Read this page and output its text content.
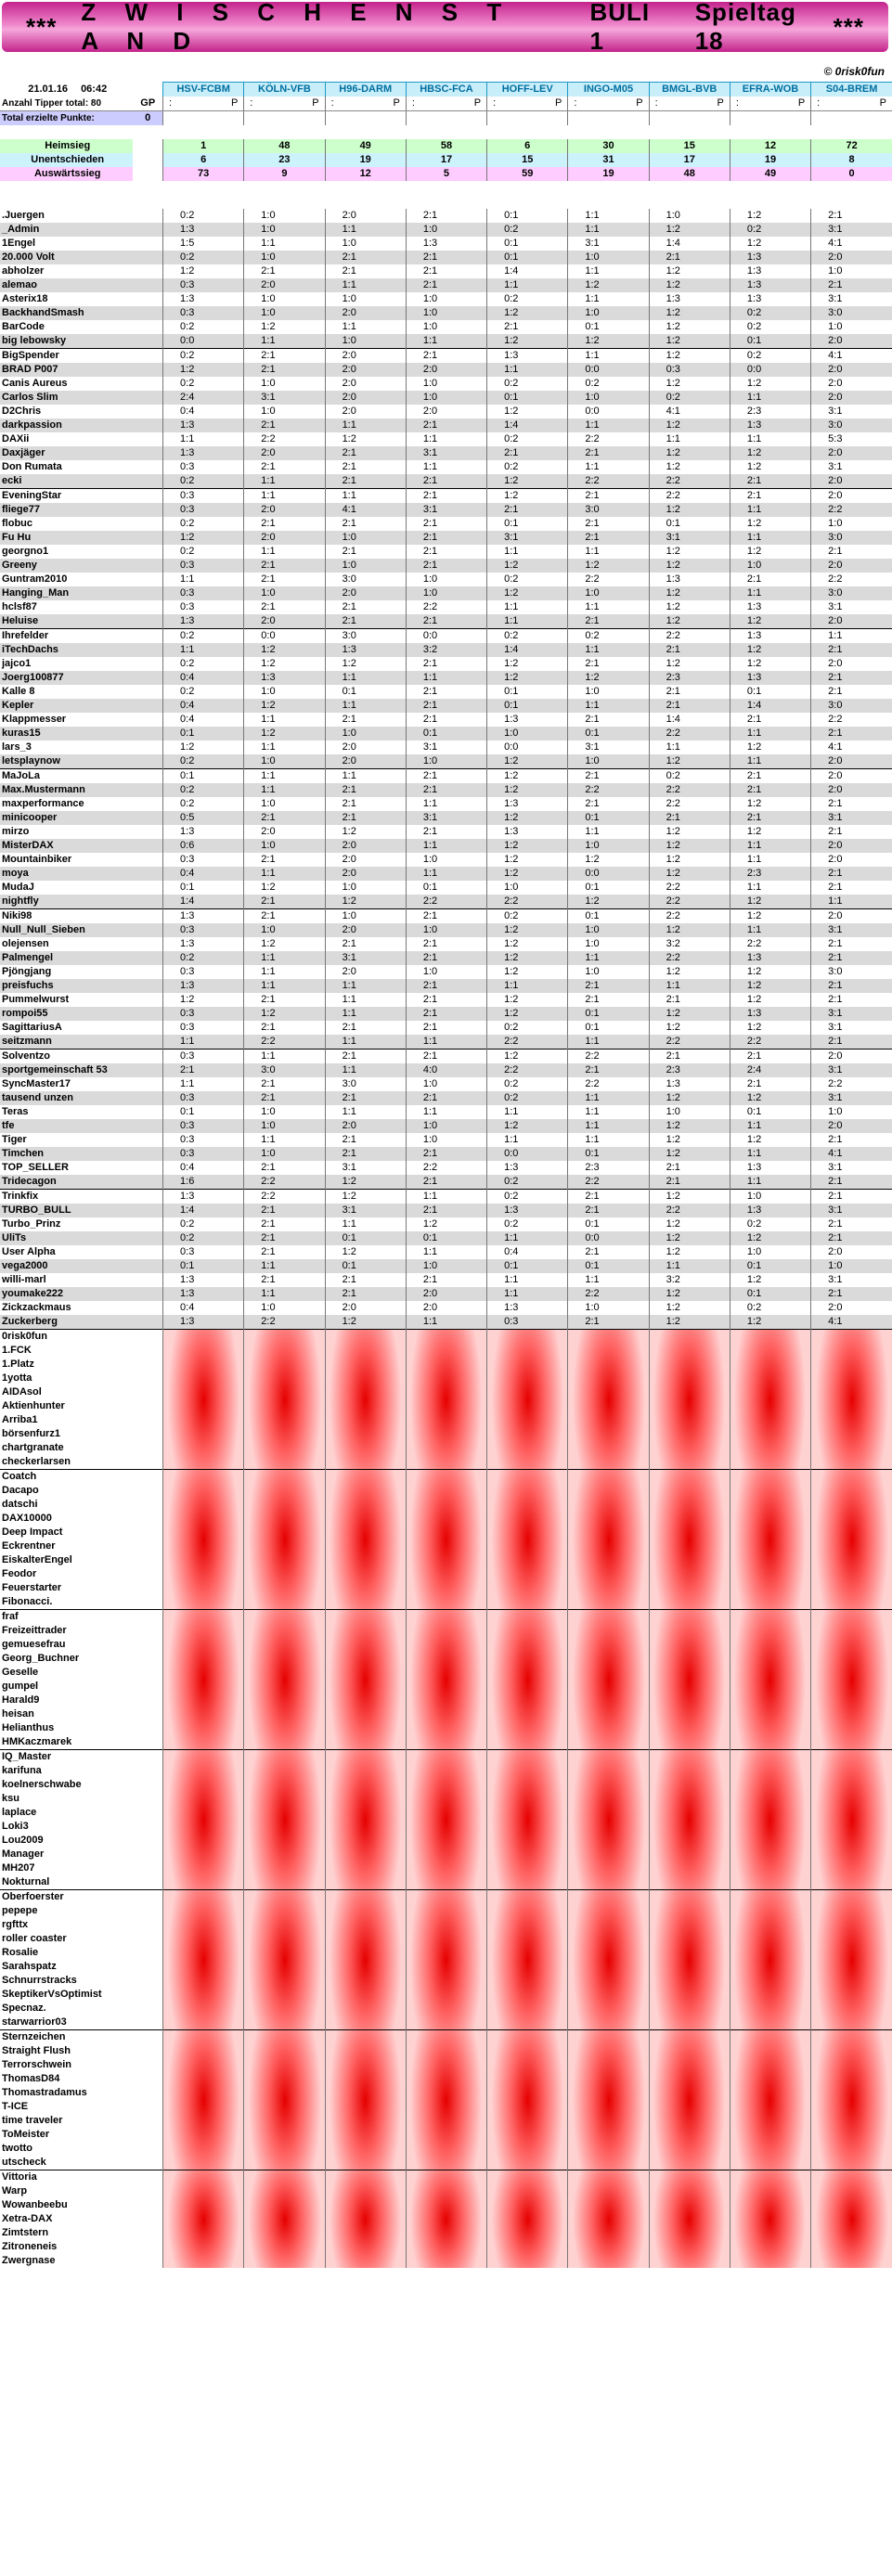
***
Z W I S C H E N S T A N D
BULI 1
Spieltag 18
***
© 0risk0fun
21.01.16 06:42		HSV-FCBM	KÖLN-VFB	H96-DARM	HBSC-FCA	HOFF-LEV	INGO-M05	BMGL-BVB	EFRA-WOB	S04-BREM
Anzahl Tipper total: 80	GP	: P	: P	: P	: P	: P	: P	: P	: P	: P

Total erzielte Punkte:	0									

Heimsieg		1	48	49	58	6	30	15	12	72
Unentschieden		6	23	19	17	15	31	17	19	8
Auswärtssieg		73	9	12	5	59	19	48	49	0

.Juergen		0:2	1:0	2:0	2:1	0:1	1:1	1:0	1:2	2:1
_Admin		1:3	1:0	1:1	1:0	0:2	1:1	1:2	0:2	3:1
1Engel		1:5	1:1	1:0	1:3	0:1	3:1	1:4	1:2	4:1
20.000 Volt		0:2	1:0	2:1	2:1	0:1	1:0	2:1	1:3	2:0
abholzer		1:2	2:1	2:1	2:1	1:4	1:1	1:2	1:3	1:0
alemao		0:3	2:0	1:1	2:1	1:1	1:2	1:2	1:3	2:1
Asterix18		1:3	1:0	1:0	1:0	0:2	1:1	1:3	1:3	3:1
BackhandSmash		0:3	1:0	2:0	1:0	1:2	1:0	1:2	0:2	3:0
BarCode		0:2	1:2	1:1	1:0	2:1	0:1	1:2	0:2	1:0
big lebowsky		0:0	1:1	1:0	1:1	1:2	1:2	1:2	0:1	2:0
BigSpender		0:2	2:1	2:0	2:1	1:3	1:1	1:2	0:2	4:1
BRAD P007		1:2	2:1	2:0	2:0	1:1	0:0	0:3	0:0	2:0
Canis Aureus		0:2	1:0	2:0	1:0	0:2	0:2	1:2	1:2	2:0
Carlos Slim		2:4	3:1	2:0	1:0	0:1	1:0	0:2	1:1	2:0
D2Chris		0:4	1:0	2:0	2:0	1:2	0:0	4:1	2:3	3:1
darkpassion		1:3	2:1	1:1	2:1	1:4	1:1	1:2	1:3	3:0
DAXii		1:1	2:2	1:2	1:1	0:2	2:2	1:1	1:1	5:3
Daxjäger		1:3	2:0	2:1	3:1	2:1	2:1	1:2	1:2	2:0
Don Rumata		0:3	2:1	2:1	1:1	0:2	1:1	1:2	1:2	3:1
ecki		0:2	1:1	2:1	2:1	1:2	2:2	2:2	2:1	2:0
EveningStar		0:3	1:1	1:1	2:1	1:2	2:1	2:2	2:1	2:0
fliege77		0:3	2:0	4:1	3:1	2:1	3:0	1:2	1:1	2:2
flobuc		0:2	2:1	2:1	2:1	0:1	2:1	0:1	1:2	1:0
Fu Hu		1:2	2:0	1:0	2:1	3:1	2:1	3:1	1:1	3:0
georgno1		0:2	1:1	2:1	2:1	1:1	1:1	1:2	1:2	2:1
Greeny		0:3	2:1	1:0	2:1	1:2	1:2	1:2	1:0	2:0
Guntram2010		1:1	2:1	3:0	1:0	0:2	2:2	1:3	2:1	2:2
Hanging_Man		0:3	1:0	2:0	1:0	1:2	1:0	1:2	1:1	3:0
hclsf87		0:3	2:1	2:1	2:2	1:1	1:1	1:2	1:3	3:1
Heluise		1:3	2:0	2:1	2:1	1:1	2:1	1:2	1:2	2:0
Ihrefelder		0:2	0:0	3:0	0:0	0:2	0:2	2:2	1:3	1:1
iTechDachs		1:1	1:2	1:3	3:2	1:4	1:1	2:1	1:2	2:1
jajco1		0:2	1:2	1:2	2:1	1:2	2:1	1:2	1:2	2:0
Joerg100877		0:4	1:3	1:1	1:1	1:2	1:2	2:3	1:3	2:1
Kalle 8		0:2	1:0	0:1	2:1	0:1	1:0	2:1	0:1	2:1
Kepler		0:4	1:2	1:1	2:1	0:1	1:1	2:1	1:4	3:0
Klappmesser		0:4	1:1	2:1	2:1	1:3	2:1	1:4	2:1	2:2
kuras15		0:1	1:2	1:0	0:1	1:0	0:1	2:2	1:1	2:1
lars_3		1:2	1:1	2:0	3:1	0:0	3:1	1:1	1:2	4:1
letsplaynow		0:2	1:0	2:0	1:0	1:2	1:0	1:2	1:1	2:0
MaJoLa		0:1	1:1	1:1	2:1	1:2	2:1	0:2	2:1	2:0
Max.Mustermann		0:2	1:1	2:1	2:1	1:2	2:2	2:2	2:1	2:0
maxperformance		0:2	1:0	2:1	1:1	1:3	2:1	2:2	1:2	2:1
minicooper		0:5	2:1	2:1	3:1	1:2	0:1	2:1	2:1	3:1
mirzo		1:3	2:0	1:2	2:1	1:3	1:1	1:2	1:2	2:1
MisterDAX		0:6	1:0	2:0	1:1	1:2	1:0	1:2	1:1	2:0
Mountainbiker		0:3	2:1	2:0	1:0	1:2	1:2	1:2	1:1	2:0
moya		0:4	1:1	2:0	1:1	1:2	0:0	1:2	2:3	2:1
MudaJ		0:1	1:2	1:0	0:1	1:0	0:1	2:2	1:1	2:1
nightfly		1:4	2:1	1:2	2:2	2:2	1:2	2:2	1:2	1:1
Niki98		1:3	2:1	1:0	2:1	0:2	0:1	2:2	1:2	2:0
Null_Null_Sieben		0:3	1:0	2:0	1:0	1:2	1:0	1:2	1:1	3:1
olejensen		1:3	1:2	2:1	2:1	1:2	1:0	3:2	2:2	2:1
Palmengel		0:2	1:1	3:1	2:1	1:2	1:1	2:2	1:3	2:1
Pjöngjang		0:3	1:1	2:0	1:0	1:2	1:0	1:2	1:2	3:0
preisfuchs		1:3	1:1	1:1	2:1	1:1	2:1	1:1	1:2	2:1
Pummelwurst		1:2	2:1	1:1	2:1	1:2	2:1	2:1	1:2	2:1
rompoi55		0:3	1:2	1:1	2:1	1:2	0:1	1:2	1:3	3:1
SagittariusA		0:3	2:1	2:1	2:1	0:2	0:1	1:2	1:2	3:1
seitzmann		1:1	2:2	1:1	1:1	2:2	1:1	2:2	2:2	2:1
Solventzo		0:3	1:1	2:1	2:1	1:2	2:2	2:1	2:1	2:0
sportgemeinschaft 53		2:1	3:0	1:1	4:0	2:2	2:1	2:3	2:4	3:1
SyncMaster17		1:1	2:1	3:0	1:0	0:2	2:2	1:3	2:1	2:2
tausend unzen		0:3	2:1	2:1	2:1	0:2	1:1	1:2	1:2	3:1
Teras		0:1	1:0	1:1	1:1	1:1	1:1	1:0	0:1	1:0
tfe		0:3	1:0	2:0	1:0	1:2	1:1	1:2	1:1	2:0
Tiger		0:3	1:1	2:1	1:0	1:1	1:1	1:2	1:2	2:1
Timchen		0:3	1:0	2:1	2:1	0:0	0:1	1:2	1:1	4:1
TOP_SELLER		0:4	2:1	3:1	2:2	1:3	2:3	2:1	1:3	3:1
Tridecagon		1:6	2:2	1:2	2:1	0:2	2:2	2:1	1:1	2:1
Trinkfix		1:3	2:2	1:2	1:1	0:2	2:1	1:2	1:0	2:1
TURBO_BULL		1:4	2:1	3:1	2:1	1:3	2:1	2:2	1:3	3:1
Turbo_Prinz		0:2	2:1	1:1	1:2	0:2	0:1	1:2	0:2	2:1
UliTs		0:2	2:1	0:1	0:1	1:1	0:0	1:2	1:2	2:1
User Alpha		0:3	2:1	1:2	1:1	0:4	2:1	1:2	1:0	2:0
vega2000		0:1	1:1	0:1	1:0	0:1	0:1	1:1	0:1	1:0
willi-marl		1:3	2:1	2:1	2:1	1:1	1:1	3:2	1:2	3:1
youmake222		1:3	1:1	2:1	2:0	1:1	2:2	1:2	0:1	2:1
Zickzackmaus		0:4	1:0	2:0	2:0	1:3	1:0	1:2	0:2	2:0
Zuckerberg		1:3	2:2	1:2	1:1	0:3	2:1	1:2	1:2	4:1
0risk0fun										
1.FCK										
1.Platz										
1yotta										
AIDAsol										
Aktienhunter										
Arriba1										
börsenfurz1										
chartgranate										
checkerlarsen										
Coatch										
Dacapo										
datschi										
DAX10000										
Deep Impact										
Eckrentner										
EiskalterEngel										
Feodor										
Feuerstarter										
Fibonacci.										
fraf										
Freizeittrader										
gemuesefrau										
Georg_Buchner										
Geselle										
gumpel										
Harald9										
heisan										
Helianthus										
HMKaczmarek										
IQ_Master										
karifuna										
koelnerschwabe										
ksu										
laplace										
Loki3										
Lou2009										
Manager										
MH207										
Nokturnal										
Oberfoerster										
pepepe										
rgfttx										
roller coaster										
Rosalie										
Sarahspatz										
Schnurrstracks										
SkeptikerVsOptimist										
Specnaz.										
starwarrior03										
Sternzeichen										
Straight Flush										
Terrorschwein										
ThomasD84										
Thomastradamus										
T-ICE										
time traveler										
ToMeister										
twotto										
utscheck										
Vittoria										
Warp										
Wowanbeebu										
Xetra-DAX										
Zimtstern										
Zitroneneis										
Zwergnase										
